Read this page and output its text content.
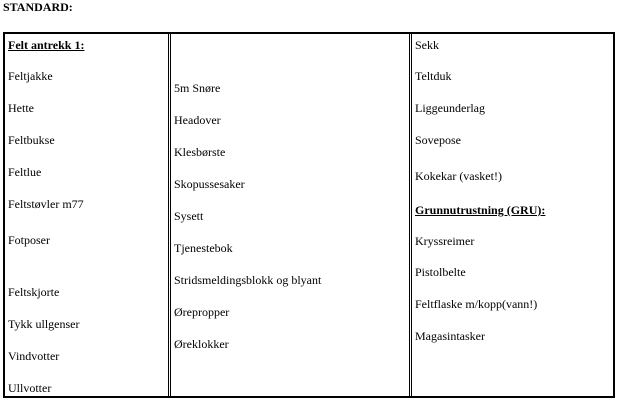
STANDARD:
Felt antrekk 1:
Feltjakke
Hette
Feltbukse
Feltlue
Feltstøvler m77
Fotposer
Feltskjorte
Tykk ullgenser
Vindvotter
Ullvotter
5m Snøre
Headover
Klesbørste
Skopussesaker
Sysett
Tjenestebok
Stridsmeldingsblokk og blyant
Ørepropper
Øreklokker
Sekk
Teltduk
Liggeunderlag
Sovepose
Kokekar (vasket!)
Grunnutrustning (GRU):
Kryssreimer
Pistolbelte
Feltflaske m/kopp(vann!)
Magasintasker
